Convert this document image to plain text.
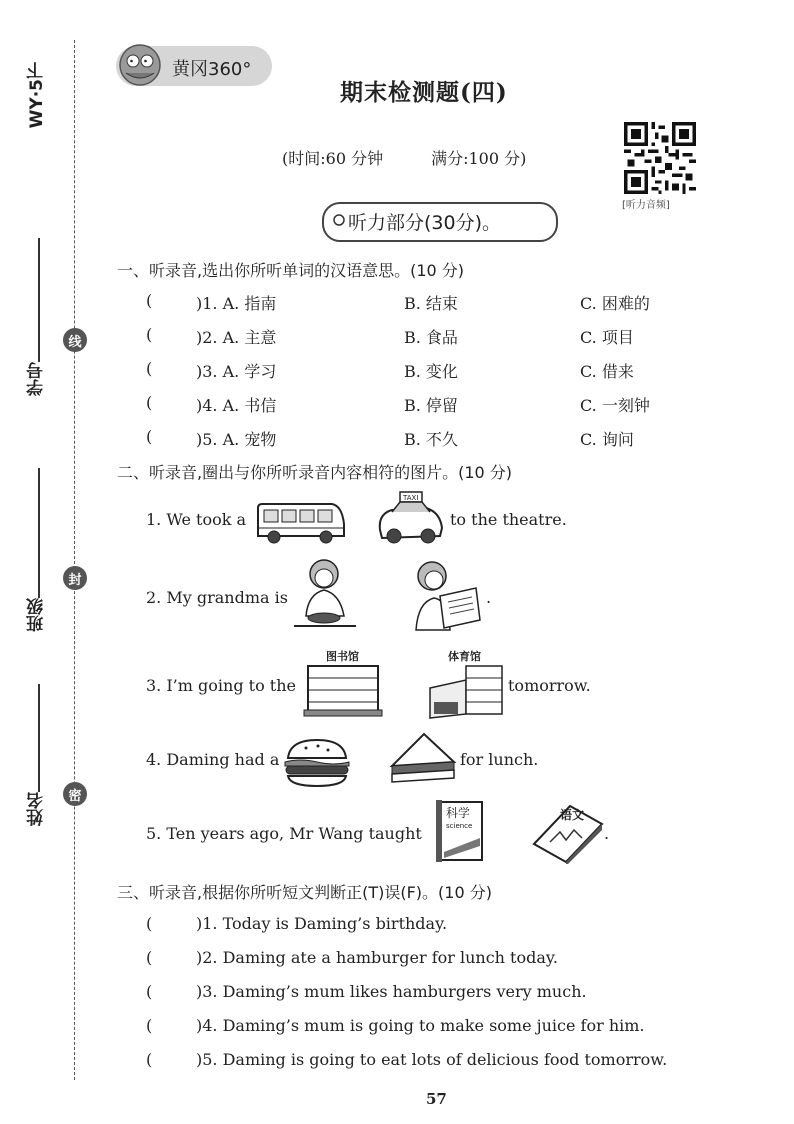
WY·5下
学号
班级
姓名
线
封
密
黄冈360°
期末检测题(四)
(时间:60 分钟	满分:100 分)
[听力音频]
听力部分(30分)。
一、听录音,选出你所听单词的汉语意思。(10 分)
(	)1. A. 指南	B. 结束	C. 困难的
(	)2. A. 主意	B. 食品	C. 项目
(	)3. A. 学习	B. 变化	C. 借来
(	)4. A. 书信	B. 停留	C. 一刻钟
(	)5. A. 宠物	B. 不久	C. 询问
二、听录音,圈出与你所听录音内容相符的图片。(10 分)
1. We took a
TAXI
to the theatre.
2. My grandma is	.
3. I’m going to the
图书馆	体育馆
tomorrow.
4. Daming had a	for lunch.
5. Ten years ago, Mr Wang taught
科学
science
语文
.
三、听录音,根据你所听短文判断正(T)误(F)。(10 分)
(	)1. Today is Daming’s birthday.
(	)2. Daming ate a hamburger for lunch today.
(	)3. Daming’s mum likes hamburgers very much.
(	)4. Daming’s mum is going to make some juice for him.
(	)5. Daming is going to eat lots of delicious food tomorrow.
57
